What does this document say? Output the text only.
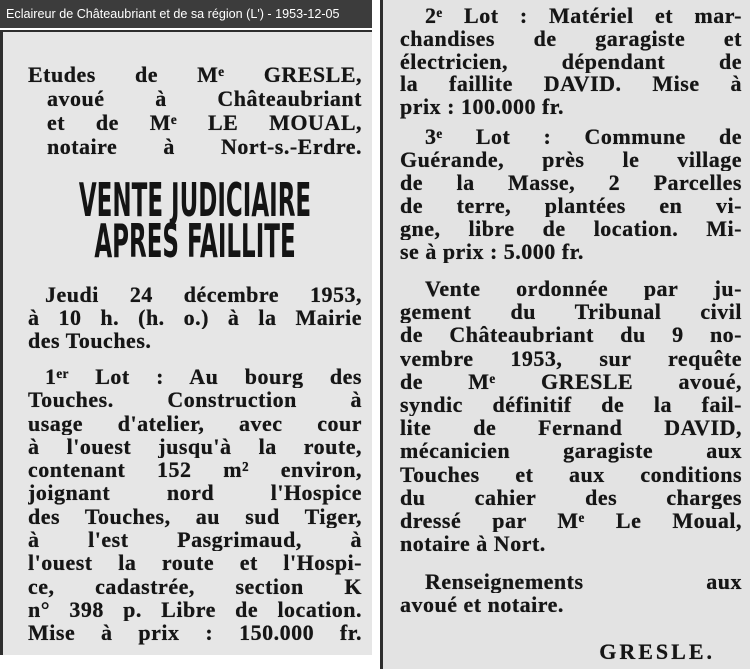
Eclaireur de Châteaubriant et de sa région (L') - 1953-12-05
Etudes de Mᵉ GRESLE,
avoué à Châteaubriant
et de Mᵉ LE MOUAL,
notaire à Nort-s.-Erdre.
VENTE JUDICIAIRE
APRES FAILLITE
Jeudi 24 décembre 1953,
à 10 h. (h. o.) à la Mairie
des Touches.
1ᵉʳ Lot : Au bourg des
Touches. Construction à
usage d'atelier, avec cour
à l'ouest jusqu'à la route,
contenant 152 m² environ,
joignant nord l'Hospice
des Touches, au sud Tiger,
à l'est Pasgrimaud, à
l'ouest la route et l'Hospi-
ce, cadastrée, section K
n° 398 p. Libre de location.
Mise à prix : 150.000 fr.
2ᵉ Lot : Matériel et mar-
chandises de garagiste et
électricien, dépendant de
la faillite DAVID. Mise à
prix : 100.000 fr.
3ᵉ Lot : Commune de
Guérande, près le village
de la Masse, 2 Parcelles
de terre, plantées en vi-
gne, libre de location. Mi-
se à prix : 5.000 fr.
Vente ordonnée par ju-
gement du Tribunal civil
de Châteaubriant du 9 no-
vembre 1953, sur requête
de Mᵉ GRESLE avoué,
syndic définitif de la fail-
lite de Fernand DAVID,
mécanicien garagiste aux
Touches et aux conditions
du cahier des charges
dressé par Mᵉ Le Moual,
notaire à Nort.
Renseignements aux
avoué et notaire.
GRESLE.
